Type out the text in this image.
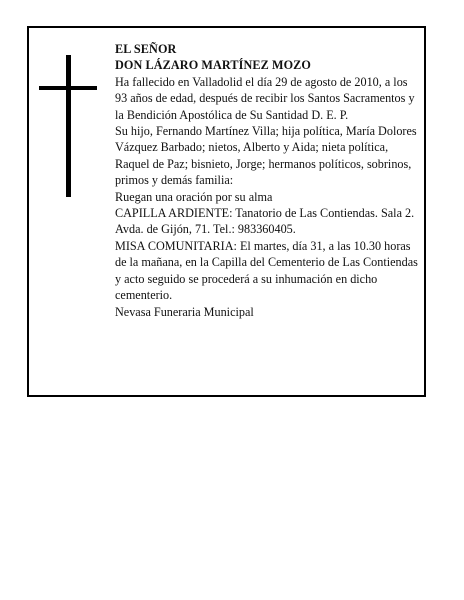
EL SEÑOR

DON LÁZARO MARTÍNEZ MOZO

Ha fallecido en Valladolid el día 29 de agosto de 2010, a los 93 años de edad, después de recibir los Santos Sacramentos y la Bendición Apostólica de Su Santidad D. E. P.

Su hijo, Fernando Martínez Villa; hija política, María Dolores Vázquez Barbado; nietos, Alberto y Aida; nieta política, Raquel de Paz; bisnieto, Jorge; hermanos políticos, sobrinos, primos y demás familia:

Ruegan una oración por su alma

CAPILLA ARDIENTE: Tanatorio de Las Contiendas. Sala 2. Avda. de Gijón, 71. Tel.: 983360405.

MISA COMUNITARIA: El martes, día 31, a las 10.30 horas de la mañana, en la Capilla del Cementerio de Las Contiendas y acto seguido se procederá a su inhumación en dicho cementerio.

Nevasa Funeraria Municipal
